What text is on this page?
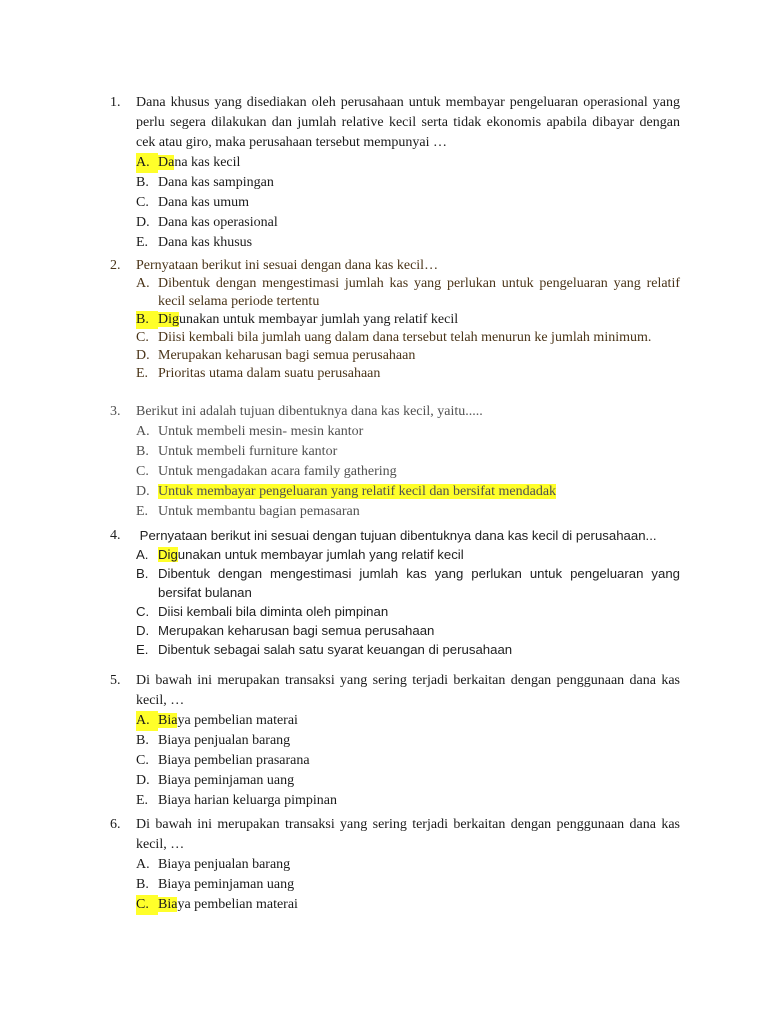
1.	Dana khusus yang disediakan oleh perusahaan untuk membayar pengeluaran operasional yang perlu segera dilakukan dan jumlah relative kecil serta tidak ekonomis apabila dibayar dengan cek atau giro, maka perusahaan tersebut mempunyai …
A. Dana kas kecil
B. Dana kas sampingan
C. Dana kas umum
D. Dana kas operasional
E. Dana kas khusus
2.	Pernyataan berikut ini sesuai dengan dana kas kecil…
A. Dibentuk dengan mengestimasi jumlah kas yang perlukan untuk pengeluaran yang relatif kecil selama periode tertentu
B. Digunakan untuk membayar jumlah yang relatif kecil
C. Diisi kembali bila jumlah uang dalam dana tersebut telah menurun ke jumlah minimum.
D. Merupakan keharusan bagi semua perusahaan
E. Prioritas utama dalam suatu perusahaan
3.	Berikut ini adalah tujuan dibentuknya dana kas kecil, yaitu.....
A. Untuk membeli mesin- mesin kantor
B. Untuk membeli furniture kantor
C. Untuk mengadakan acara family gathering
D. Untuk membayar pengeluaran yang relatif kecil dan bersifat mendadak
E. Untuk membantu bagian pemasaran
4.	Pernyataan berikut ini sesuai dengan tujuan dibentuknya dana kas kecil di perusahaan...
A. Digunakan untuk membayar jumlah yang relatif kecil
B. Dibentuk dengan mengestimasi jumlah kas yang perlukan untuk pengeluaran yang bersifat bulanan
C. Diisi kembali bila diminta oleh pimpinan
D. Merupakan keharusan bagi semua perusahaan
E. Dibentuk sebagai salah satu syarat keuangan di perusahaan
5.	Di bawah ini merupakan transaksi yang sering terjadi berkaitan dengan penggunaan dana kas kecil, …
A. Biaya pembelian materai
B. Biaya penjualan barang
C. Biaya pembelian prasarana
D. Biaya peminjaman uang
E. Biaya harian keluarga pimpinan
6.	Di bawah ini merupakan transaksi yang sering terjadi berkaitan dengan penggunaan dana kas kecil, …
A. Biaya penjualan barang
B. Biaya peminjaman uang
C. Biaya pembelian materai
